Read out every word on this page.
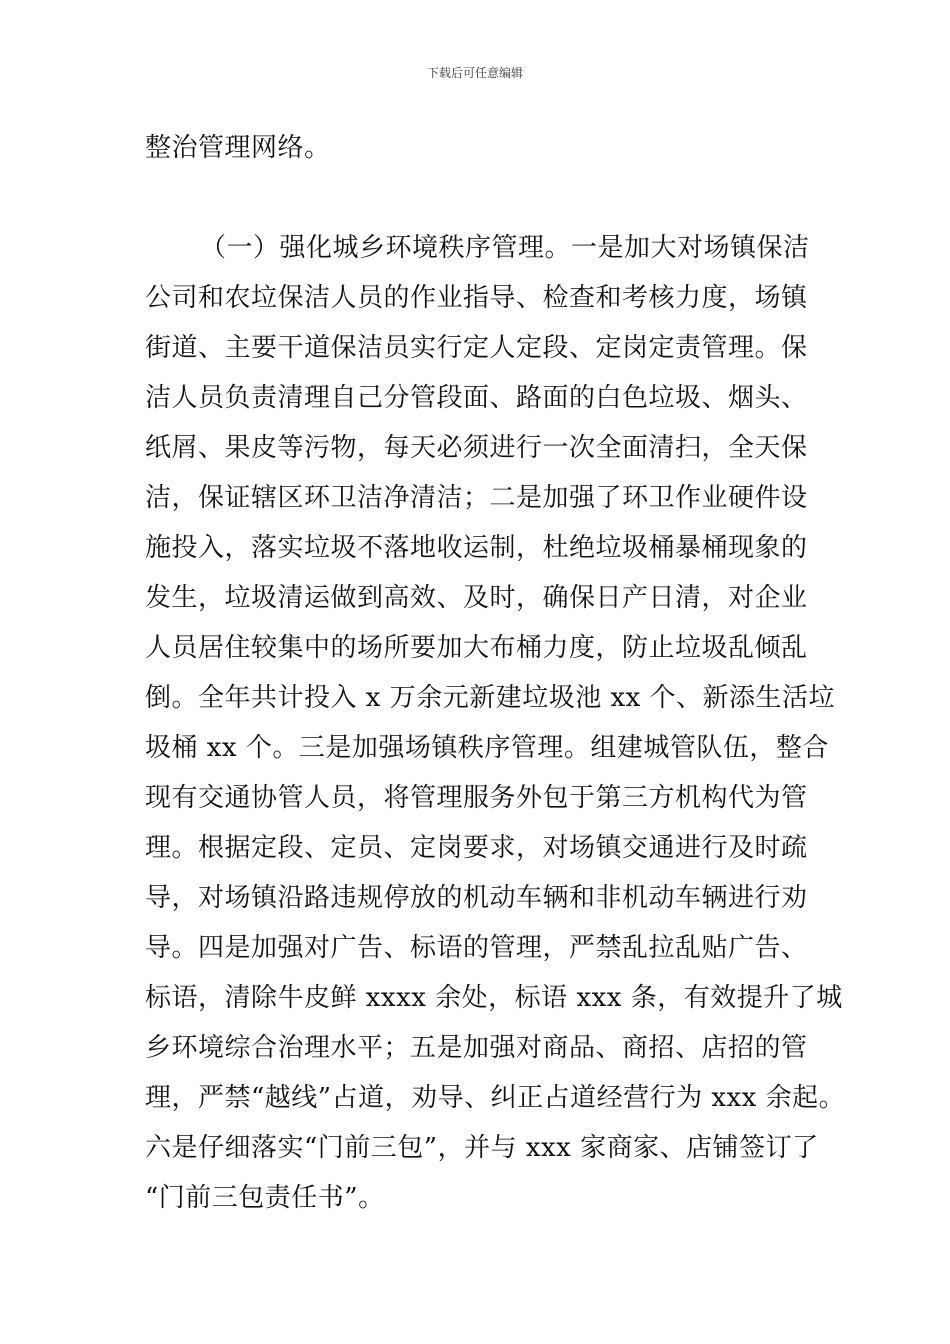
下载后可任意编辑
整治管理网络。
（一）强化城乡环境秩序管理。一是加大对场镇保洁
公司和农垃保洁人员的作业指导、检查和考核力度，场镇
街道、主要干道保洁员实行定人定段、定岗定责管理。保
洁人员负责清理自己分管段面、路面的白色垃圾、烟头、
纸屑、果皮等污物，每天必须进行一次全面清扫，全天保
洁，保证辖区环卫洁净清洁；二是加强了环卫作业硬件设
施投入，落实垃圾不落地收运制，杜绝垃圾桶暴桶现象的
发生，垃圾清运做到高效、及时，确保日产日清，对企业
人员居住较集中的场所要加大布桶力度，防止垃圾乱倾乱
倒。全年共计投入 x 万余元新建垃圾池 xx 个、新添生活垃
圾桶 xx 个。三是加强场镇秩序管理。组建城管队伍，整合
现有交通协管人员，将管理服务外包于第三方机构代为管
理。根据定段、定员、定岗要求，对场镇交通进行及时疏
导，对场镇沿路违规停放的机动车辆和非机动车辆进行劝
导。四是加强对广告、标语的管理，严禁乱拉乱贴广告、
标语，清除牛皮鲜 xxxx 余处，标语 xxx 条，有效提升了城
乡环境综合治理水平；五是加强对商品、商招、店招的管
理，严禁“越线”占道，劝导、纠正占道经营行为 xxx 余起。
六是仔细落实“门前三包”，并与 xxx 家商家、店铺签订了
“门前三包责任书”。
